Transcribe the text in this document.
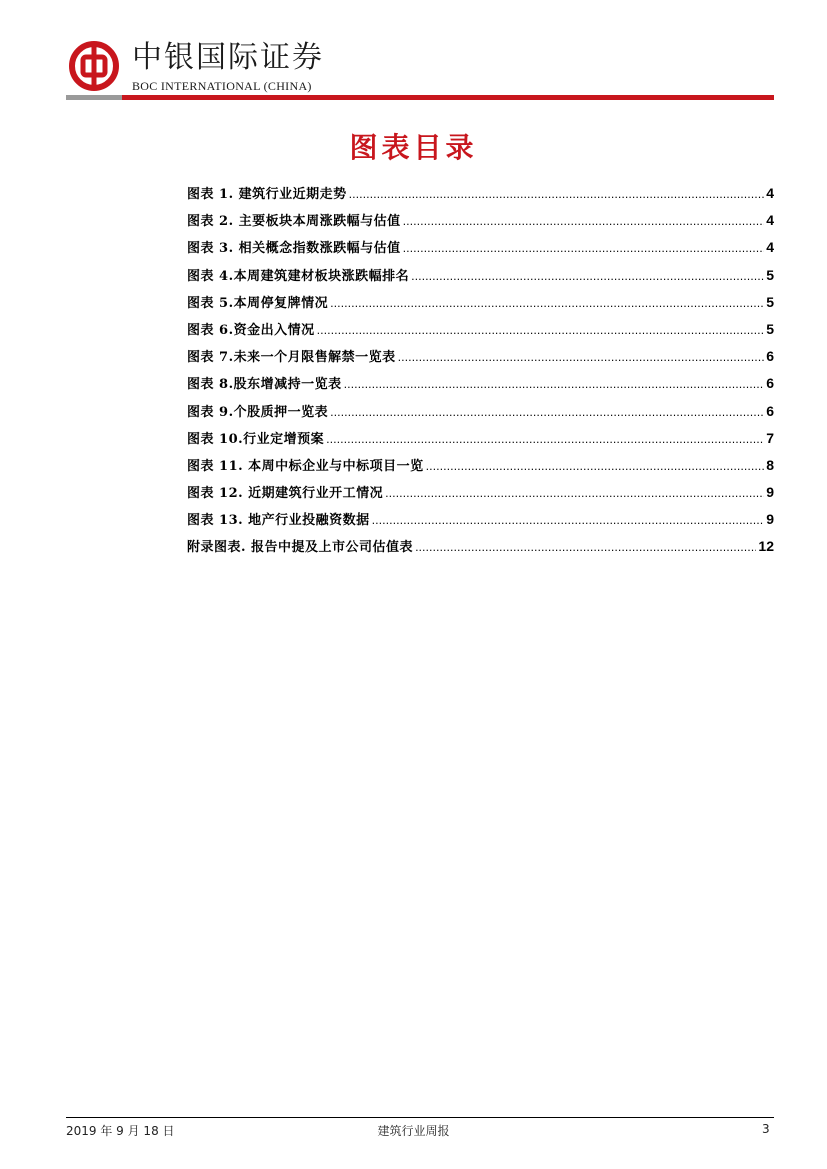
中银国际证券
BOC INTERNATIONAL (CHINA)
图表目录
图表 1. 建筑行业近期走势 .....	4
图表 2. 主要板块本周涨跌幅与估值 .....	4
图表 3. 相关概念指数涨跌幅与估值 .....	4
图表 4.本周建筑建材板块涨跌幅排名 .....	5
图表 5.本周停复牌情况 .....	5
图表 6.资金出入情况 .....	5
图表 7.未来一个月限售解禁一览表 .....	6
图表 8.股东增减持一览表 .....	6
图表 9.个股质押一览表 .....	6
图表 10.行业定增预案 .....	7
图表 11. 本周中标企业与中标项目一览 .....	8
图表 12. 近期建筑行业开工情况 .....	9
图表 13. 地产行业投融资数据 .....	9
附录图表. 报告中提及上市公司估值表 .....	12
2019 年 9 月 18 日	建筑行业周报	3
